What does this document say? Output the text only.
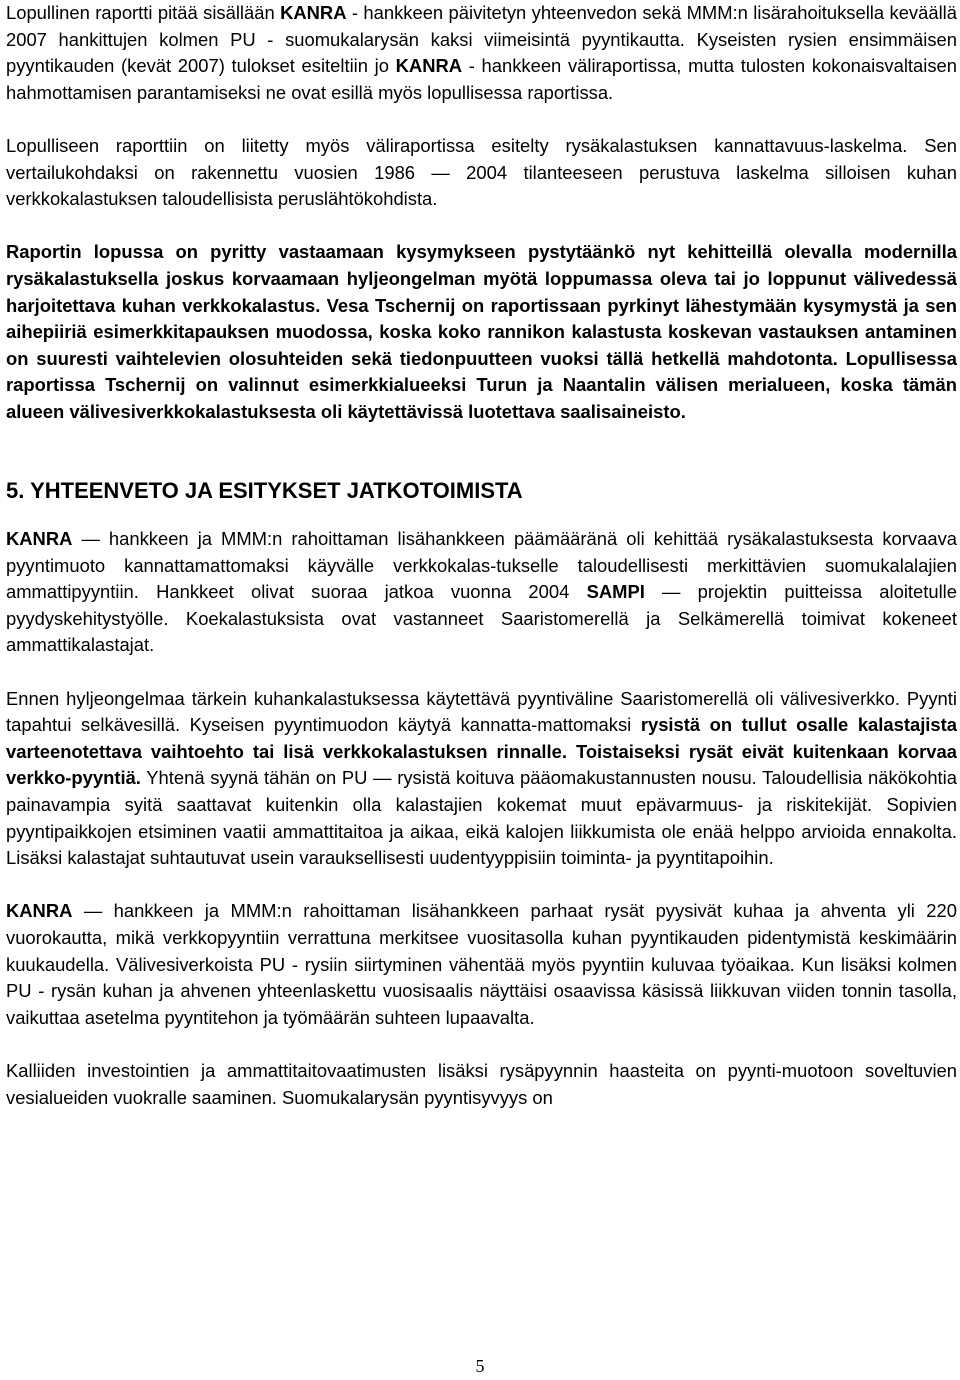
Lopullinen raportti pitää sisällään KANRA - hankkeen päivitetyn yhteenvedon sekä MMM:n lisärahoituksella keväällä 2007 hankittujen kolmen PU - suomukalarysän kaksi viimeisintä pyyntikautta. Kyseisten rysien ensimmäisen pyyntikauden (kevät 2007) tulokset esiteltiin jo KANRA - hankkeen väliraportissa, mutta tulosten kokonaisvaltaisen hahmottamisen parantamiseksi ne ovat esillä myös lopullisessa raportissa.

Lopulliseen raporttiin on liitetty myös väliraportissa esitelty rysäkalastuksen kannattavuus-laskelma. Sen vertailukohdaksi on rakennettu vuosien 1986 — 2004 tilanteeseen perustuva laskelma silloisen kuhan verkkokalastuksen taloudellisista peruslähtökohdista.

Raportin lopussa on pyritty vastaamaan kysymykseen pystytäänkö nyt kehitteillä olevalla modernilla rysäkalastuksella joskus korvaamaan hyljeongelman myötä loppumassa oleva tai jo loppunut välivedessä harjoitettava kuhan verkkokalastus. Vesa Tschernij on raportissaan pyrkinyt lähestymään kysymystä ja sen aihepiiriä esimerkkitapauksen muodossa, koska koko rannikon kalastusta koskevan vastauksen antaminen on suuresti vaihtelevien olosuhteiden sekä tiedonpuutteen vuoksi tällä hetkellä mahdotonta. Lopullisessa raportissa Tschernij on valinnut esimerkkialueeksi Turun ja Naantalin välisen merialueen, koska tämän alueen välivesiverkkokalastuksesta oli käytettävissä luotettava saalisaineisto.

5. YHTEENVETO JA ESITYKSET JATKOTOIMISTA

KANRA — hankkeen ja MMM:n rahoittaman lisähankkeen päämääränä oli kehittää rysäkalastuksesta korvaava pyyntimuoto kannattamattomaksi käyvälle verkkokalas-tukselle taloudellisesti merkittävien suomukalalajien ammattipyyntiin. Hankkeet olivat suoraa jatkoa vuonna 2004 SAMPI — projektin puitteissa aloitetulle pyydyskehitystyölle. Koekalastuksista ovat vastanneet Saaristomerellä ja Selkämerellä toimivat kokeneet ammattikalastajat.

Ennen hyljeongelmaa tärkein kuhankalastuksessa käytettävä pyyntiväline Saaristomerellä oli välivesiverkko. Pyynti tapahtui selkävesillä. Kyseisen pyyntimuodon käytyä kannatta-mattomaksi rysistä on tullut osalle kalastajista varteenotettava vaihtoehto tai lisä verkkokalastuksen rinnalle. Toistaiseksi rysät eivät kuitenkaan korvaa verkko-pyyntiä. Yhtenä syynä tähän on PU — rysistä koituva pääomakustannusten nousu. Taloudellisia näkökohtia painavampia syitä saattavat kuitenkin olla kalastajien kokemat muut epävarmuus- ja riskitekijät. Sopivien pyyntipaikkojen etsiminen vaatii ammattitaitoa ja aikaa, eikä kalojen liikkumista ole enää helppo arvioida ennakolta. Lisäksi kalastajat suhtautuvat usein varauksellisesti uudentyyppisiin toiminta- ja pyyntitapoihin.

KANRA — hankkeen ja MMM:n rahoittaman lisähankkeen parhaat rysät pyysivät kuhaa ja ahventa yli 220 vuorokautta, mikä verkkopyyntiin verrattuna merkitsee vuositasolla kuhan pyyntikauden pidentymistä keskimäärin kuukaudella. Välivesiverkoista PU - rysiin siirtyminen vähentää myös pyyntiin kuluvaa työaikaa. Kun lisäksi kolmen PU - rysän kuhan ja ahvenen yhteenlaskettu vuosisaalis näyttäisi osaavissa käsissä liikkuvan viiden tonnin tasolla, vaikuttaa asetelma pyyntitehon ja työmäärän suhteen lupaavalta.

Kalliiden investointien ja ammattitaitovaatimusten lisäksi rysäpyynnin haasteita on pyynti-muotoon soveltuvien vesialueiden vuokralle saaminen. Suomukalarysän pyyntisyvyys on

5
